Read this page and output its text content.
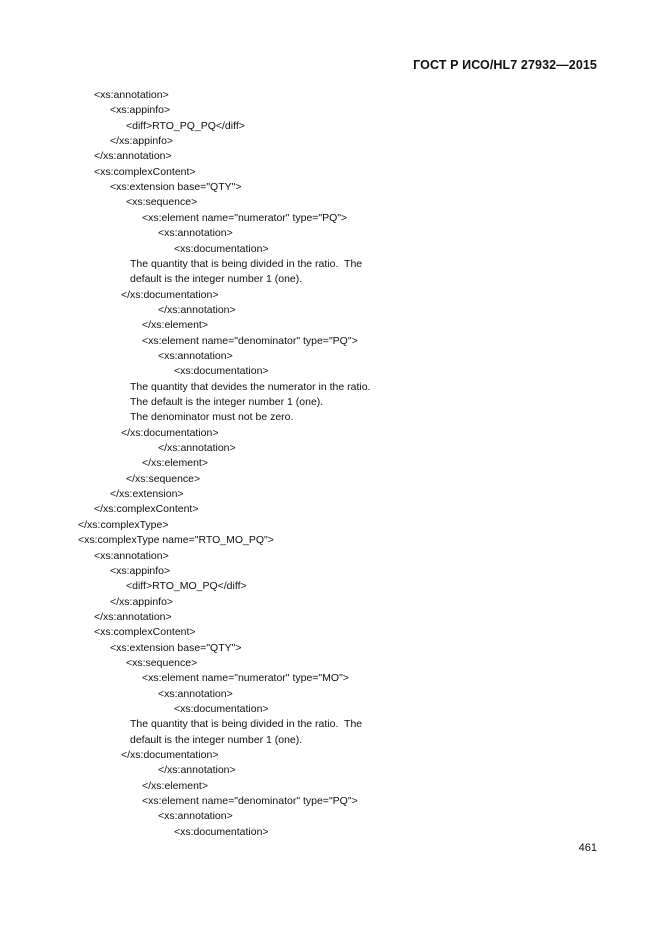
ГОСТ Р ИСО/HL7 27932—2015
<xs:annotation>
<xs:appinfo>
<diff>RTO_PQ_PQ</diff>
</xs:appinfo>
</xs:annotation>
<xs:complexContent>
<xs:extension base="QTY">
<xs:sequence>
<xs:element name="numerator" type="PQ">
<xs:annotation>
<xs:documentation>
The quantity that is being divided in the ratio.  The
default is the integer number 1 (one).
</xs:documentation>
</xs:annotation>
</xs:element>
<xs:element name="denominator" type="PQ">
<xs:annotation>
<xs:documentation>
The quantity that devides the numerator in the ratio.
The default is the integer number 1 (one).
The denominator must not be zero.
</xs:documentation>
</xs:annotation>
</xs:element>
</xs:sequence>
</xs:extension>
</xs:complexContent>
</xs:complexType>
<xs:complexType name="RTO_MO_PQ">
<xs:annotation>
<xs:appinfo>
<diff>RTO_MO_PQ</diff>
</xs:appinfo>
</xs:annotation>
<xs:complexContent>
<xs:extension base="QTY">
<xs:sequence>
<xs:element name="numerator" type="MO">
<xs:annotation>
<xs:documentation>
The quantity that is being divided in the ratio.  The
default is the integer number 1 (one).
</xs:documentation>
</xs:annotation>
</xs:element>
<xs:element name="denominator" type="PQ">
<xs:annotation>
<xs:documentation>
461
